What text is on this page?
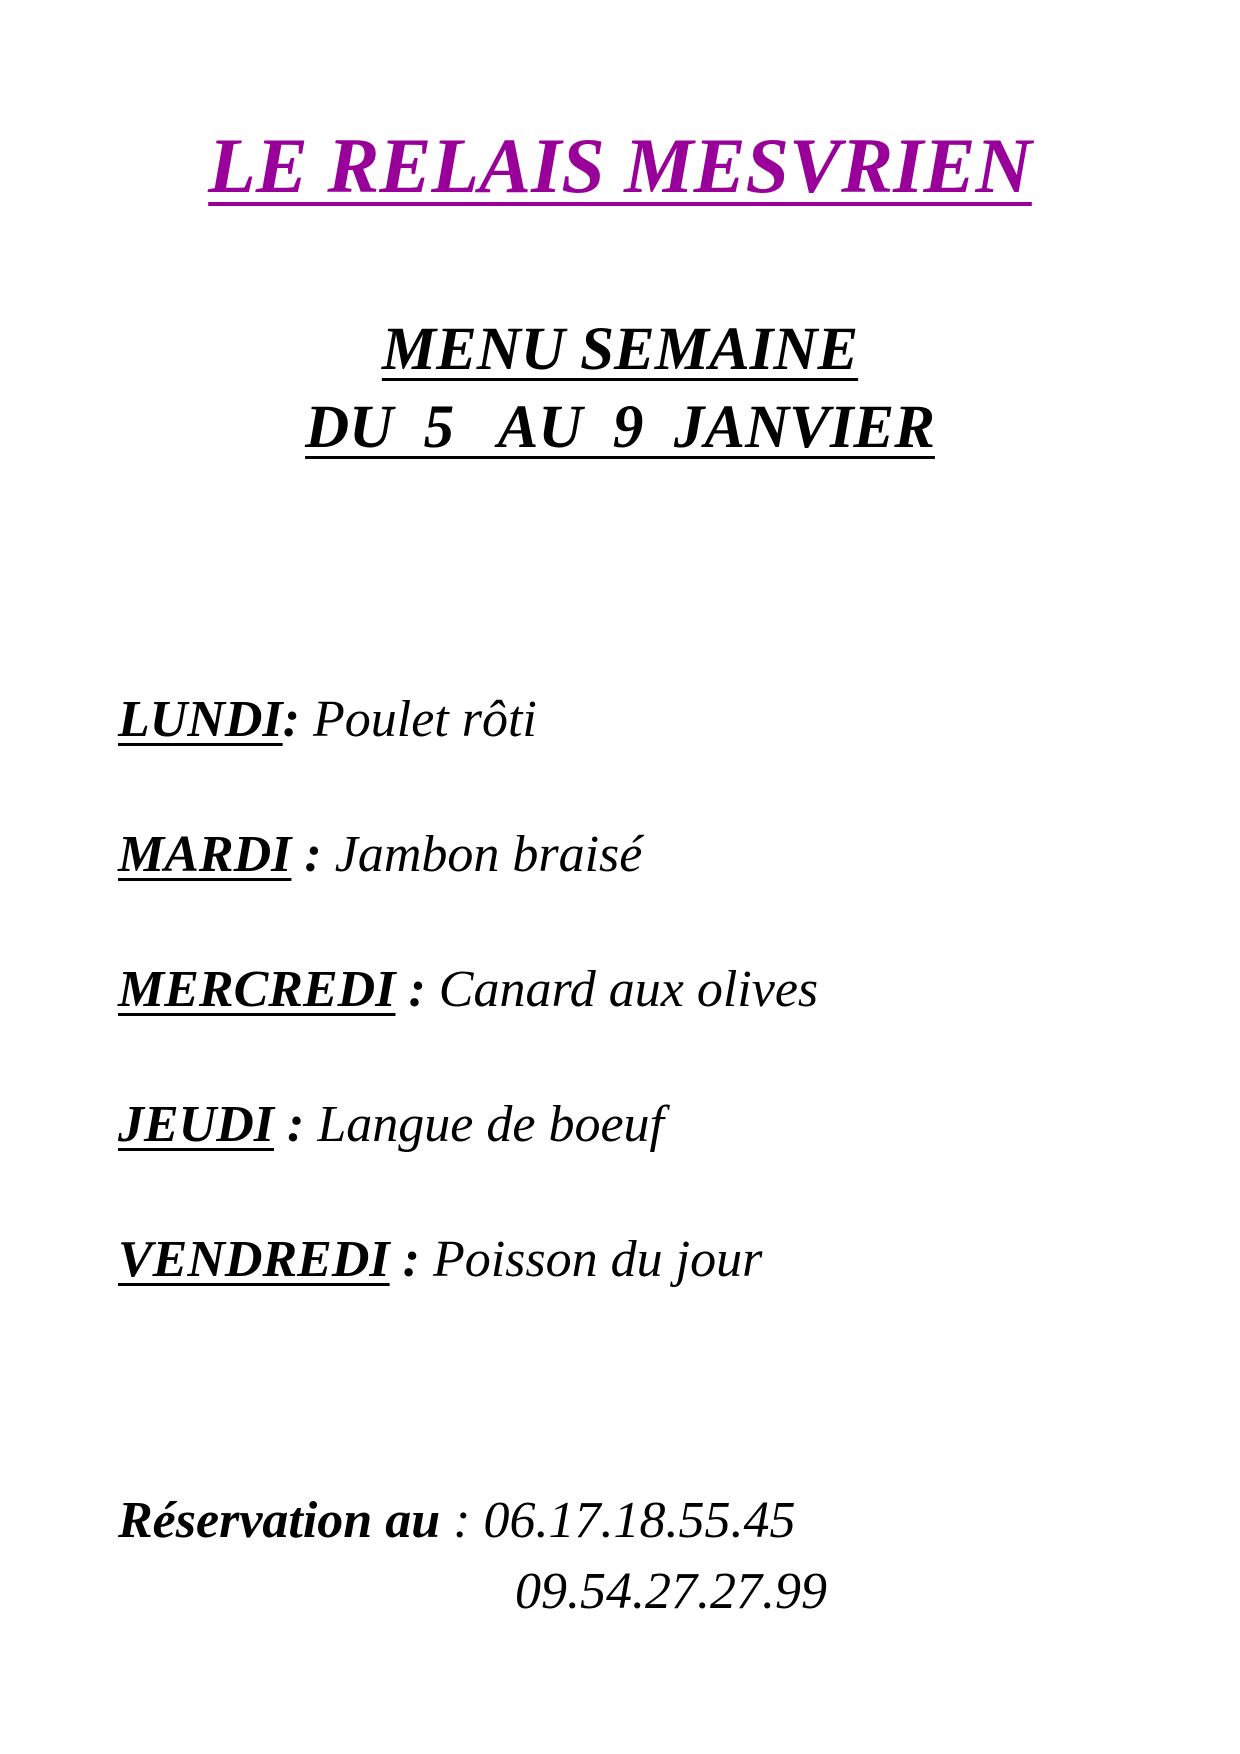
LE RELAIS MESVRIEN
MENU SEMAINE
DU  5   AU  9  JANVIER
LUNDI: Poulet rôti
MARDI : Jambon braisé
MERCREDI : Canard aux olives
JEUDI : Langue de boeuf
VENDREDI : Poisson du jour
Réservation au : 06.17.18.55.45
09.54.27.27.99
